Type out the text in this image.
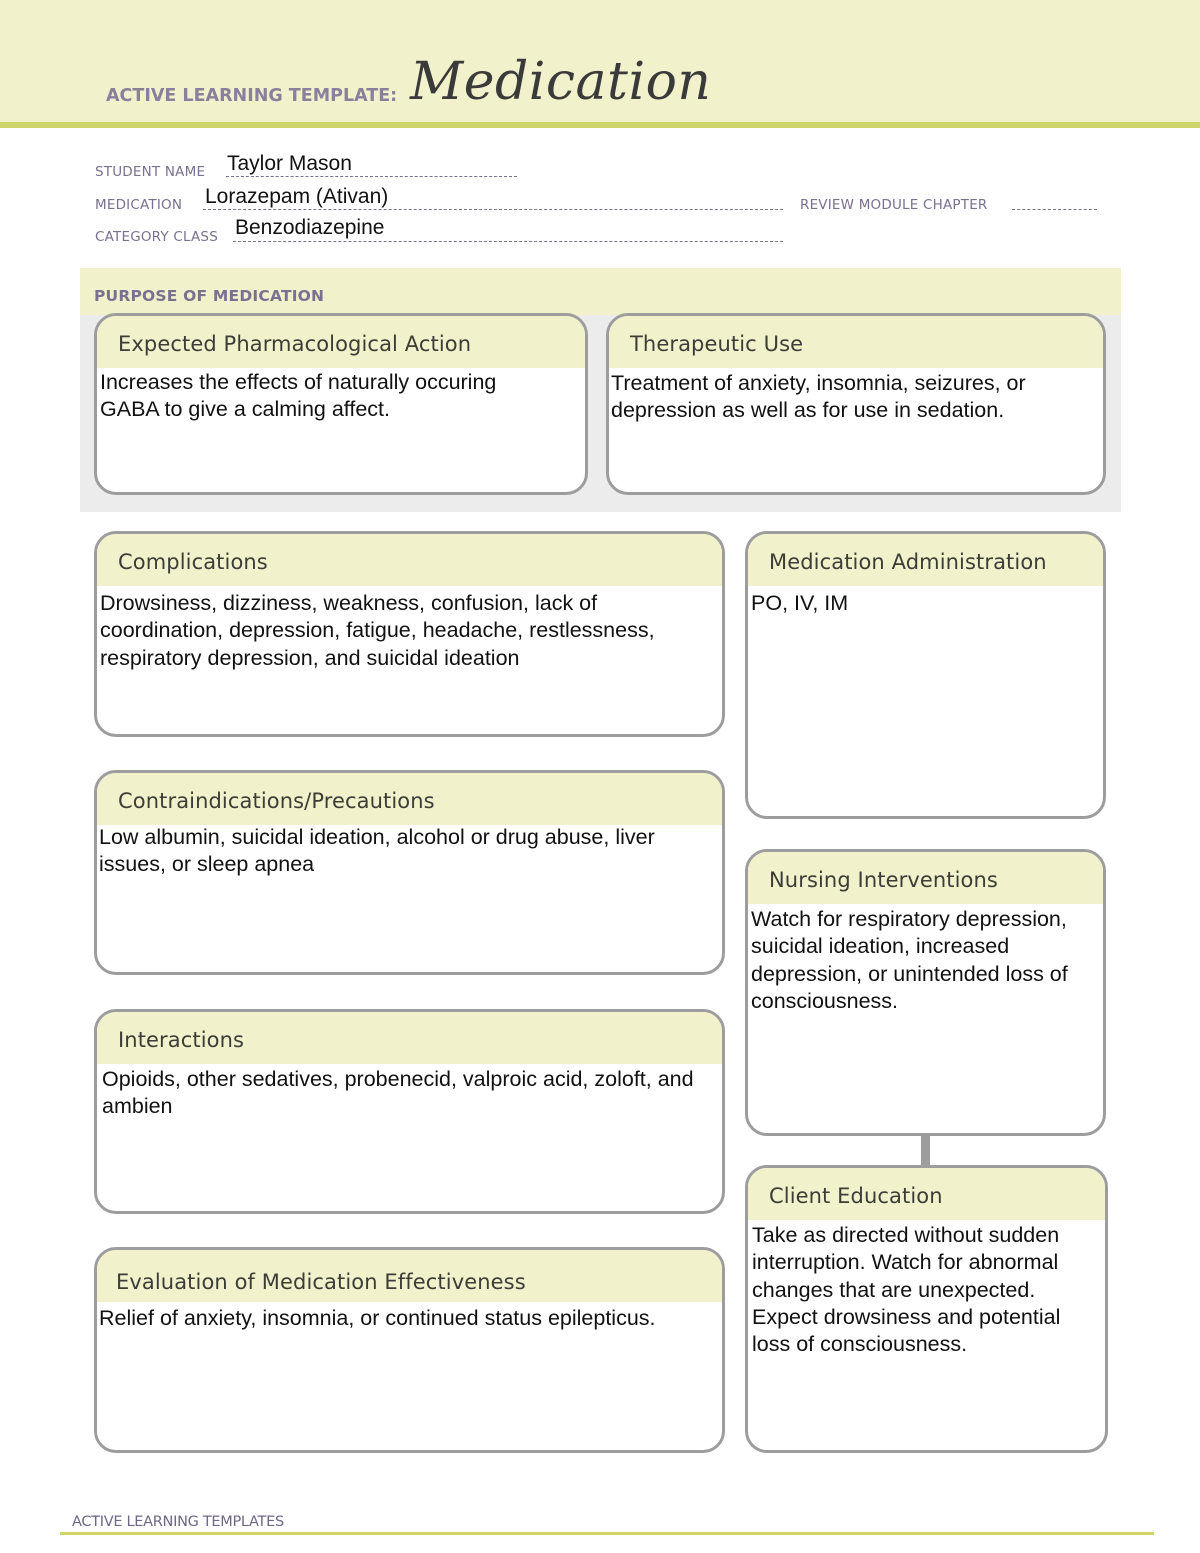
ACTIVE LEARNING TEMPLATE: Medication
STUDENT NAME Taylor Mason
MEDICATION Lorazepam (Ativan)	REVIEW MODULE CHAPTER
CATEGORY CLASS Benzodiazepine
PURPOSE OF MEDICATION
Expected Pharmacological Action
Increases the effects of naturally occuring GABA to give a calming affect.
Therapeutic Use
Treatment of anxiety, insomnia, seizures, or depression as well as for use in sedation.
Complications
Drowsiness, dizziness, weakness, confusion, lack of coordination, depression, fatigue, headache, restlessness, respiratory depression, and suicidal ideation
Contraindications/Precautions
Low albumin, suicidal ideation, alcohol or drug abuse, liver issues, or sleep apnea
Interactions
Opioids, other sedatives, probenecid, valproic acid, zoloft, and ambien
Evaluation of Medication Effectiveness
Relief of anxiety, insomnia, or continued status epilepticus.
Medication Administration
PO, IV, IM
Nursing Interventions
Watch for respiratory depression, suicidal ideation, increased depression, or unintended loss of consciousness.
Client Education
Take as directed without sudden interruption. Watch for abnormal changes that are unexpected. Expect drowsiness and potential loss of consciousness.
ACTIVE LEARNING TEMPLATES
